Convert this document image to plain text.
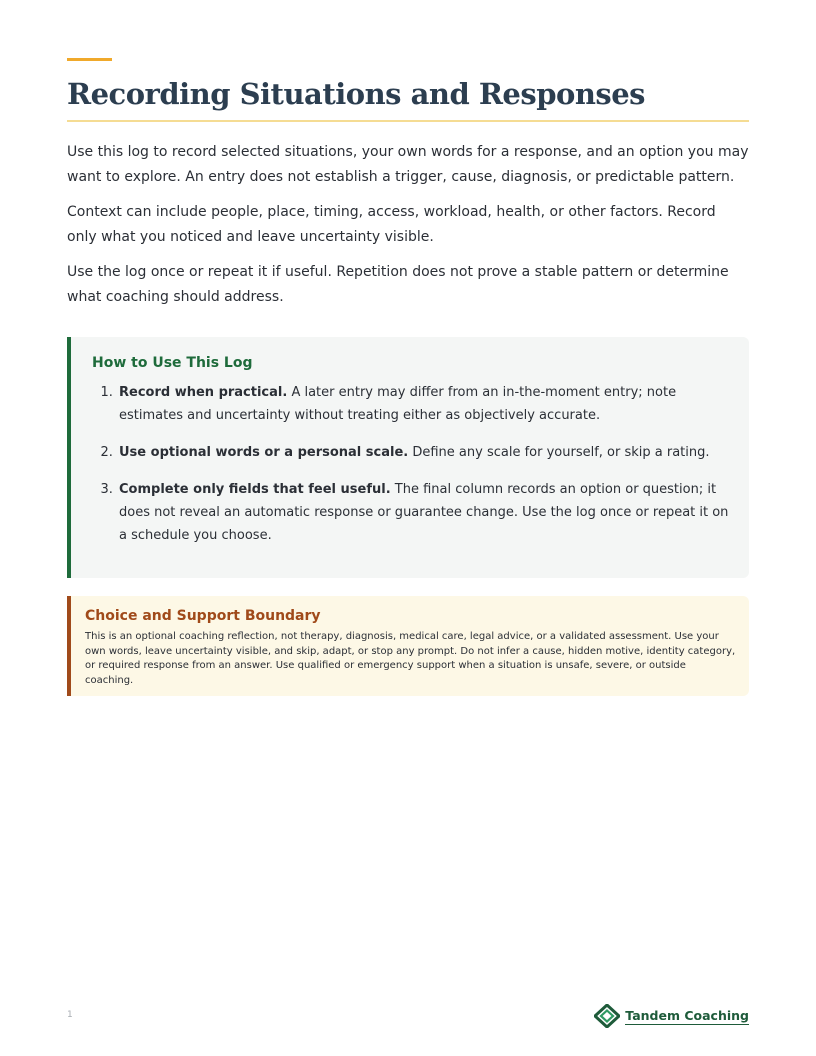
Recording Situations and Responses

Use this log to record selected situations, your own words for a response, and an option you may want to explore. An entry does not establish a trigger, cause, diagnosis, or predictable pattern.

Context can include people, place, timing, access, workload, health, or other factors. Record only what you noticed and leave uncertainty visible.

Use the log once or repeat it if useful. Repetition does not prove a stable pattern or determine what coaching should address.

How to Use This Log
1. Record when practical. A later entry may differ from an in-the-moment entry; note estimates and uncertainty without treating either as objectively accurate.
2. Use optional words or a personal scale. Define any scale for yourself, or skip a rating.
3. Complete only fields that feel useful. The final column records an option or question; it does not reveal an automatic response or guarantee change. Use the log once or repeat it on a schedule you choose.
Choice and Support Boundary

This is an optional coaching reflection, not therapy, diagnosis, medical care, legal advice, or a validated assessment. Use your own words, leave uncertainty visible, and skip, adapt, or stop any prompt. Do not infer a cause, hidden motive, identity category, or required response from an answer. Use qualified or emergency support when a situation is unsafe, severe, or outside coaching.

1	Tandem Coaching
